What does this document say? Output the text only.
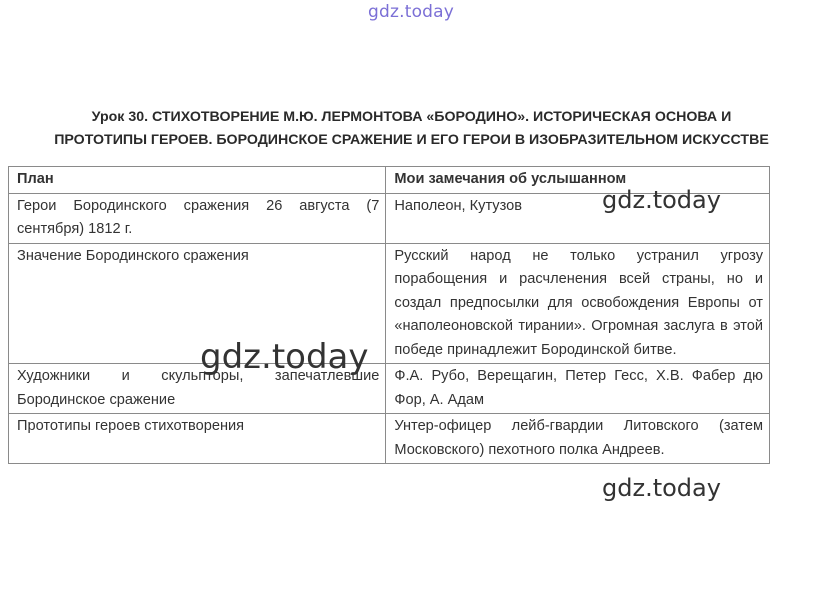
gdz.today
Урок 30. СТИХОТВОРЕНИЕ М.Ю. ЛЕРМОНТОВА «БОРОДИНО». ИСТОРИЧЕСКАЯ ОСНОВА И
ПРОТОТИПЫ ГЕРОЕВ. БОРОДИНСКОЕ СРАЖЕНИЕ И ЕГО ГЕРОИ В ИЗОБРАЗИТЕЛЬНОМ ИСКУССТВЕ
План	Мои замечания об услышанном
Герои Бородинского сражения 26 августа (7 сентября) 1812 г.	Наполеон, Кутузов
Значение Бородинского сражения	Русский народ не только устранил угрозу порабощения и расчленения всей страны, но и создал предпосылки для освобождения Европы от «наполеоновской тирании». Огромная заслуга в этой победе принадлежит Бородинской битве.
Художники и скульпторы, запечатлевшие Бородинское сражение	Ф.А. Рубо, Верещагин, Петер Гесс, Х.В. Фабер дю Фор, А. Адам
Прототипы героев стихотворения	Унтер-офицер лейб-гвардии Литовского (затем Московского) пехотного полка Андреев.
gdz.today
gdz.today
gdz.today
